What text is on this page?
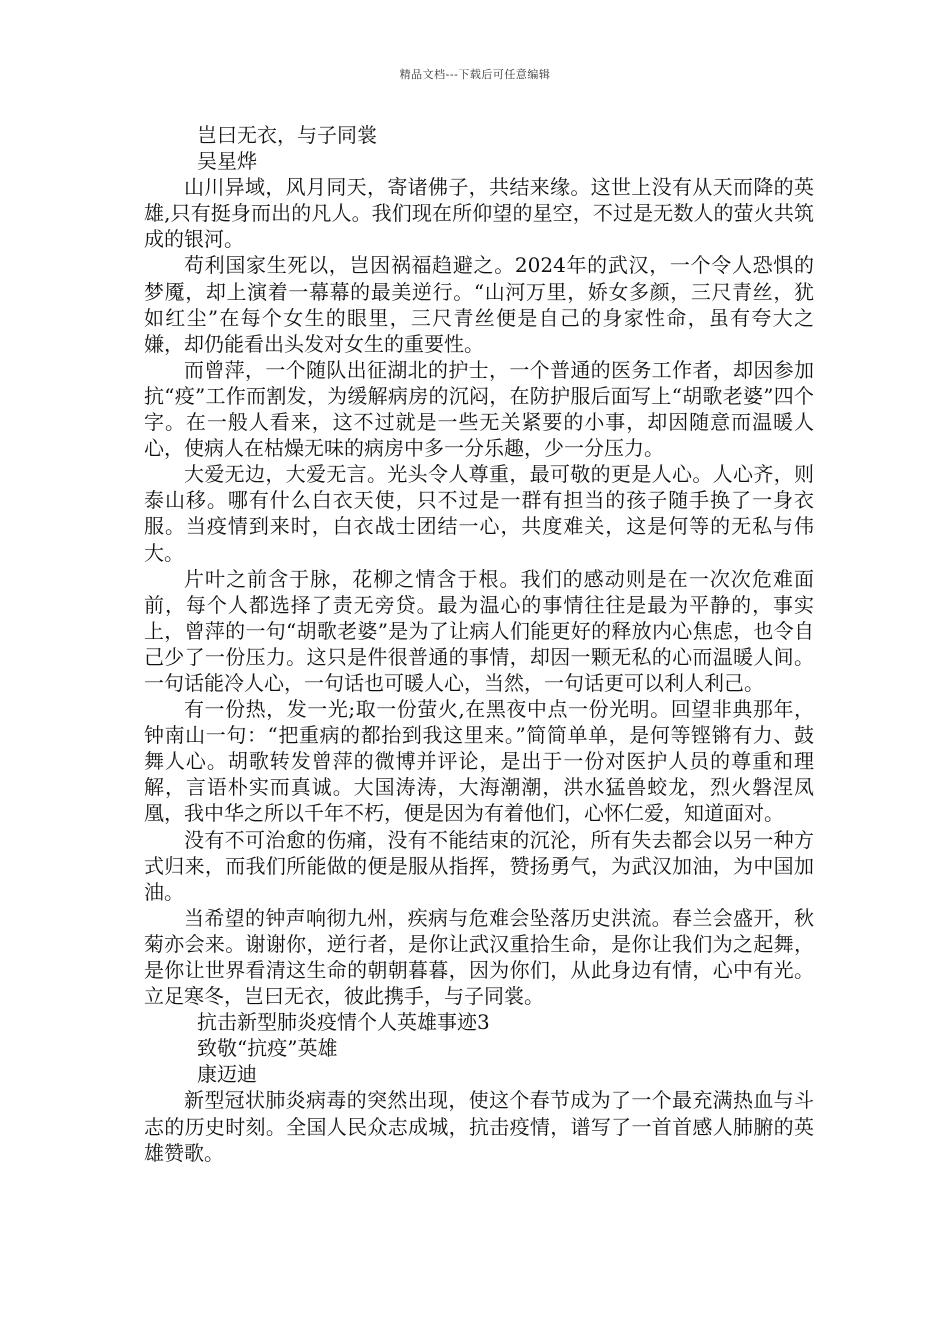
精品文档---下载后可任意编辑

岂曰无衣，与子同裳

吴星烨

山川异域，风月同天，寄诸佛子，共结来缘。这世上没有从天而降的英雄,只有挺身而出的凡人。我们现在所仰望的星空，不过是无数人的萤火共筑成的银河。

苟利国家生死以，岂因祸福趋避之。2024年的武汉，一个令人恐惧的梦魇，却上演着一幕幕的最美逆行。“山河万里，娇女多颜，三尺青丝，犹如红尘”在每个女生的眼里，三尺青丝便是自己的身家性命，虽有夸大之嫌，却仍能看出头发对女生的重要性。

而曾萍，一个随队出征湖北的护士，一个普通的医务工作者，却因参加抗“疫”工作而割发，为缓解病房的沉闷，在防护服后面写上“胡歌老婆”四个字。在一般人看来，这不过就是一些无关紧要的小事，却因随意而温暖人心，使病人在枯燥无味的病房中多一分乐趣，少一分压力。

大爱无边，大爱无言。光头令人尊重，最可敬的更是人心。人心齐，则泰山移。哪有什么白衣天使，只不过是一群有担当的孩子随手换了一身衣服。当疫情到来时，白衣战士团结一心，共度难关，这是何等的无私与伟大。

片叶之前含于脉，花柳之情含于根。我们的感动则是在一次次危难面前，每个人都选择了责无旁贷。最为温心的事情往往是最为平静的，事实上，曾萍的一句“胡歌老婆”是为了让病人们能更好的释放内心焦虑，也令自己少了一份压力。这只是件很普通的事情，却因一颗无私的心而温暖人间。一句话能冷人心，一句话也可暖人心，当然，一句话更可以利人利己。

有一份热，发一光;取一份萤火,在黑夜中点一份光明。回望非典那年，钟南山一句：“把重病的都抬到我这里来。”简简单单，是何等铿锵有力、鼓舞人心。胡歌转发曾萍的微博并评论，是出于一份对医护人员的尊重和理解，言语朴实而真诚。大国涛涛，大海潮潮，洪水猛兽蛟龙，烈火磐涅凤凰，我中华之所以千年不朽，便是因为有着他们，心怀仁爱，知道面对。

没有不可治愈的伤痛，没有不能结束的沉沦，所有失去都会以另一种方式归来，而我们所能做的便是服从指挥，赞扬勇气，为武汉加油，为中国加油。

当希望的钟声响彻九州，疾病与危难会坠落历史洪流。春兰会盛开，秋菊亦会来。谢谢你，逆行者，是你让武汉重拾生命，是你让我们为之起舞，是你让世界看清这生命的朝朝暮暮，因为你们，从此身边有情，心中有光。立足寒冬，岂曰无衣，彼此携手，与子同裳。

抗击新型肺炎疫情个人英雄事迹3

致敬“抗疫”英雄

康迈迪

新型冠状肺炎病毒的突然出现，使这个春节成为了一个最充满热血与斗志的历史时刻。全国人民众志成城，抗击疫情，谱写了一首首感人肺腑的英雄赞歌。
